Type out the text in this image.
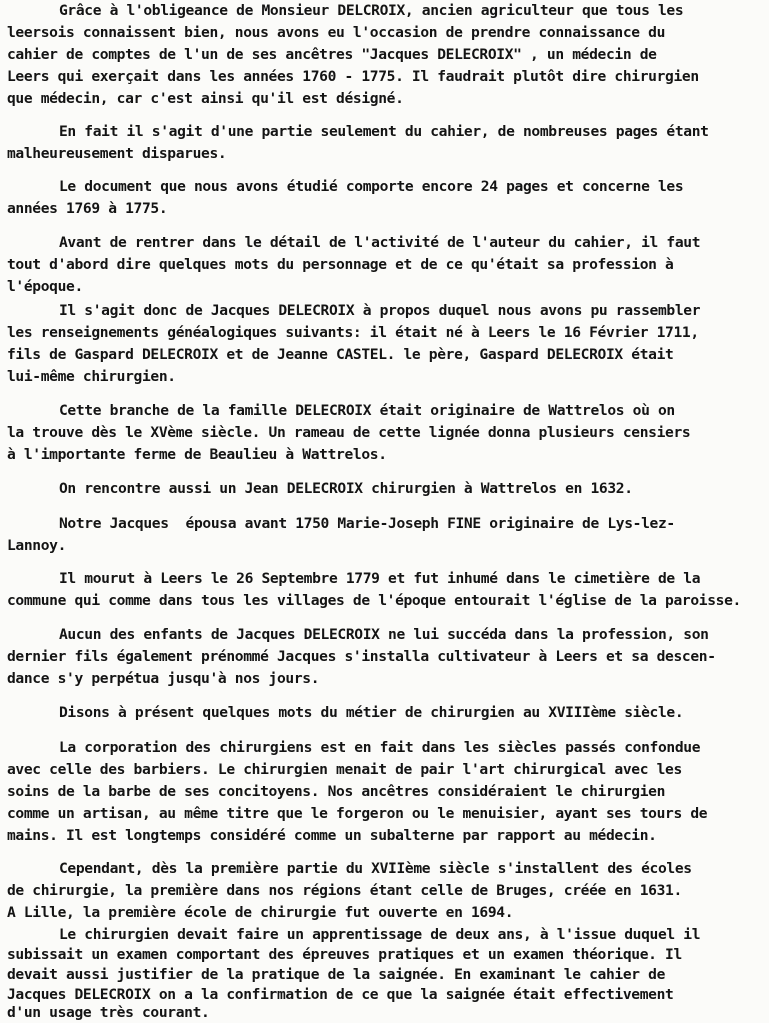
Grâce à l'obligeance de Monsieur DELCROIX, ancien agriculteur que tous les
leersois connaissent bien, nous avons eu l'occasion de prendre connaissance du
cahier de comptes de l'un de ses ancêtres "Jacques DELECROIX" , un médecin de
Leers qui exerçait dans les années 1760 - 1775. Il faudrait plutôt dire chirurgien
que médecin, car c'est ainsi qu'il est désigné.
En fait il s'agit d'une partie seulement du cahier, de nombreuses pages étant
malheureusement disparues.
Le document que nous avons étudié comporte encore 24 pages et concerne les
années 1769 à 1775.
Avant de rentrer dans le détail de l'activité de l'auteur du cahier, il faut
tout d'abord dire quelques mots du personnage et de ce qu'était sa profession à
l'époque.
Il s'agit donc de Jacques DELECROIX à propos duquel nous avons pu rassembler
les renseignements généalogiques suivants: il était né à Leers le 16 Février 1711,
fils de Gaspard DELECROIX et de Jeanne CASTEL. le père, Gaspard DELECROIX était
lui-même chirurgien.
Cette branche de la famille DELECROIX était originaire de Wattrelos où on
la trouve dès le XVème siècle. Un rameau de cette lignée donna plusieurs censiers
à l'importante ferme de Beaulieu à Wattrelos.
On rencontre aussi un Jean DELECROIX chirurgien à Wattrelos en 1632.
Notre Jacques  épousa avant 1750 Marie-Joseph FINE originaire de Lys-lez-
Lannoy.
Il mourut à Leers le 26 Septembre 1779 et fut inhumé dans le cimetière de la
commune qui comme dans tous les villages de l'époque entourait l'église de la paroisse.
Aucun des enfants de Jacques DELECROIX ne lui succéda dans la profession, son
dernier fils également prénommé Jacques s'installa cultivateur à Leers et sa descen-
dance s'y perpétua jusqu'à nos jours.
Disons à présent quelques mots du métier de chirurgien au XVIIIème siècle.
La corporation des chirurgiens est en fait dans les siècles passés confondue
avec celle des barbiers. Le chirurgien menait de pair l'art chirurgical avec les
soins de la barbe de ses concitoyens. Nos ancêtres considéraient le chirurgien
comme un artisan, au même titre que le forgeron ou le menuisier, ayant ses tours de
mains. Il est longtemps considéré comme un subalterne par rapport au médecin.
Cependant, dès la première partie du XVIIème siècle s'installent des écoles
de chirurgie, la première dans nos régions étant celle de Bruges, créée en 1631.
A Lille, la première école de chirurgie fut ouverte en 1694.
Le chirurgien devait faire un apprentissage de deux ans, à l'issue duquel il
subissait un examen comportant des épreuves pratiques et un examen théorique. Il
devait aussi justifier de la pratique de la saignée. En examinant le cahier de
Jacques DELECROIX on a la confirmation de ce que la saignée était effectivement
d'un usage très courant.
